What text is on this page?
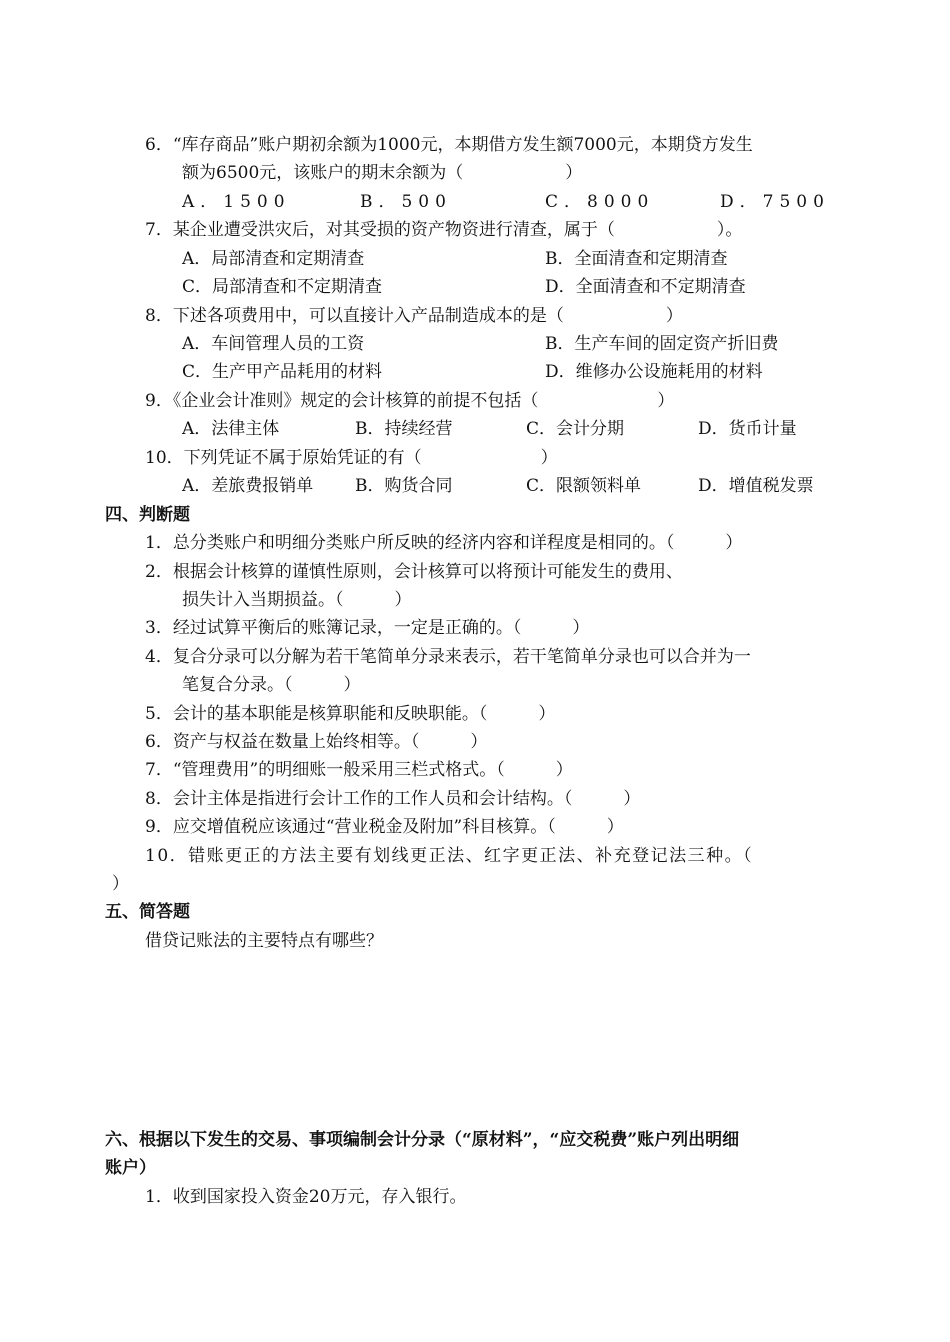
6．“库存商品”账户期初余额为1000元，本期借方发生额7000元，本期贷方发生
额为6500元，该账户的期末余额为（　　　　　　）
A．1500	B．500	C．8000	D．7500
7．某企业遭受洪灾后，对其受损的资产物资进行清查，属于（　　　　　　）。
A．局部清查和定期清查	B．全面清查和定期清查
C．局部清查和不定期清查	D．全面清查和不定期清查
8．下述各项费用中，可以直接计入产品制造成本的是（　　　　　　）
A．车间管理人员的工资	B．生产车间的固定资产折旧费
C．生产甲产品耗用的材料	D．维修办公设施耗用的材料
9．《企业会计准则》规定的会计核算的前提不包括（　　　　　　　）
A．法律主体	B．持续经营	C．会计分期	D．货币计量
10．下列凭证不属于原始凭证的有（　　　　　　　）
A．差旅费报销单 B．购货合同	C．限额领料单	D．增值税发票
四、判断题
1．总分类账户和明细分类账户所反映的经济内容和详程度是相同的。（　　　）
2．根据会计核算的谨慎性原则，会计核算可以将预计可能发生的费用、
损失计入当期损益。（　　　）
3．经过试算平衡后的账簿记录，一定是正确的。（　　　）
4．复合分录可以分解为若干笔简单分录来表示，若干笔简单分录也可以合并为一
笔复合分录。（　　　）
5．会计的基本职能是核算职能和反映职能。（　　　）
6．资产与权益在数量上始终相等。（　　　）
7．“管理费用”的明细账一般采用三栏式格式。（　　　）
8．会计主体是指进行会计工作的工作人员和会计结构。（　　　）
9．应交增值税应该通过“营业税金及附加”科目核算。（　　　）
10．错账更正的方法主要有划线更正法、红字更正法、补充登记法三种。（
）
五、简答题
借贷记账法的主要特点有哪些？
六、根据以下发生的交易、事项编制会计分录（“原材料”，“应交税费”账户列出明细
账户）
1．收到国家投入资金20万元，存入银行。
